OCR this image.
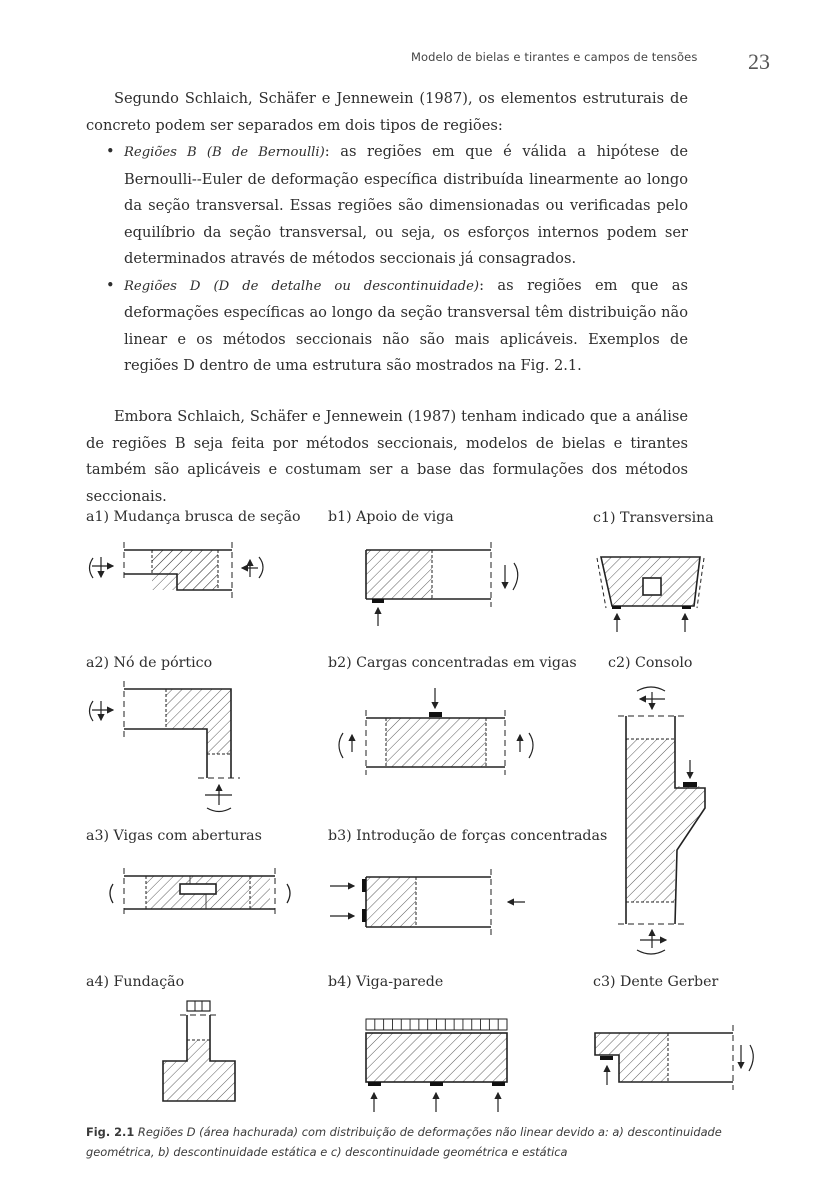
Modelo de bielas e tirantes e campos de tensões 23
Segundo Schlaich, Schäfer e Jennewein (1987), os elementos estruturais de concreto podem ser separados em dois tipos de regiões:
• Regiões B (B de Bernoulli): as regiões em que é válida a hipótese de Bernoulli--Euler de deformação específica distribuída linearmente ao longo da seção transversal. Essas regiões são dimensionadas ou verificadas pelo equilíbrio da seção transversal, ou seja, os esforços internos podem ser determinados através de métodos seccionais já consagrados.
• Regiões D (D de detalhe ou descontinuidade): as regiões em que as deformações específicas ao longo da seção transversal têm distribuição não linear e os métodos seccionais não são mais aplicáveis. Exemplos de regiões D dentro de uma estrutura são mostrados na Fig. 2.1.
Embora Schlaich, Schäfer e Jennewein (1987) tenham indicado que a análise de regiões B seja feita por métodos seccionais, modelos de bielas e tirantes também são aplicáveis e costumam ser a base das formulações dos métodos seccionais.
a1) Mudança brusca de seção b1) Apoio de viga	c1) Transversina
a2) Nó de pórtico	b2) Cargas concentradas em vigas c2) Consolo
a3) Vigas com aberturas	b3) Introdução de forças concentradas
a4) Fundação	b4) Viga-parede	c3) Dente Gerber
Fig. 2.1 Regiões D (área hachurada) com distribuição de deformações não linear devido a: a) descontinuidade geométrica, b) descontinuidade estática e c) descontinuidade geométrica e estática
